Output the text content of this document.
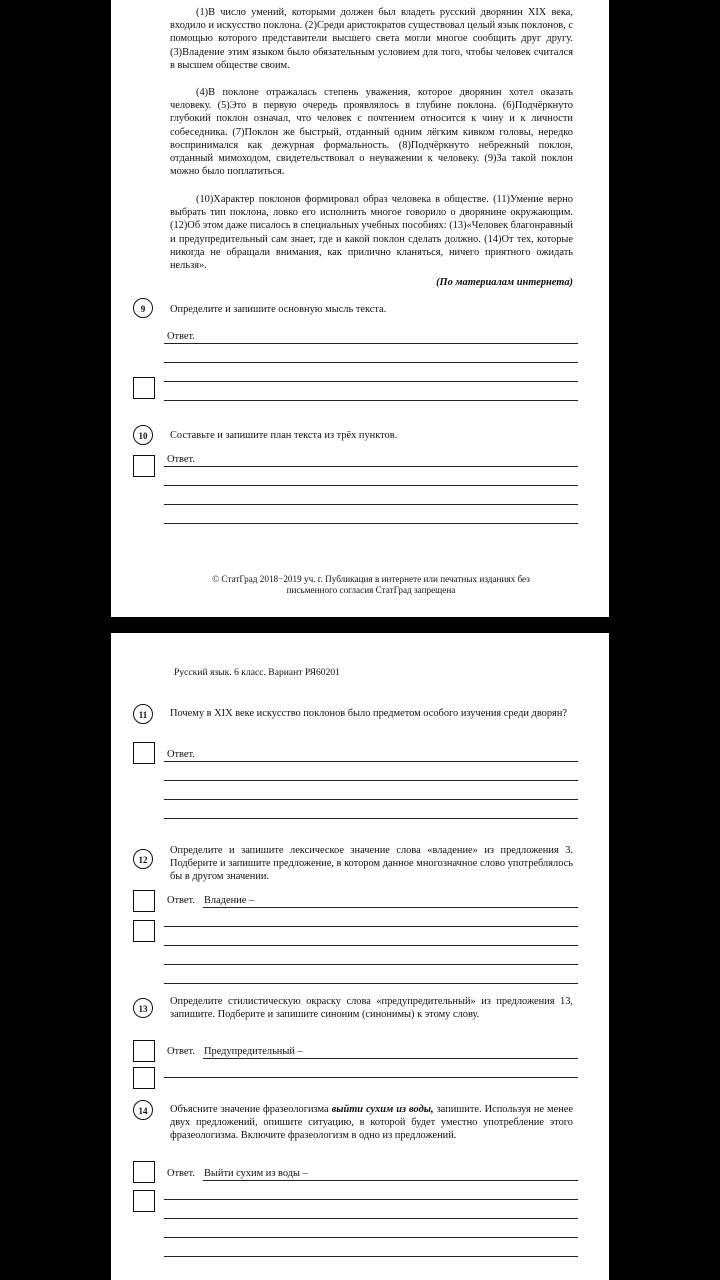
(1)В число умений, которыми должен был владеть русский дворянин XIX века, входило и искусство поклона. (2)Среди аристократов существовал целый язык поклонов, с помощью которого представители высшего света могли многое сообщить друг другу. (3)Владение этим языком было обязательным условием для того, чтобы человек считался в высшем обществе своим.

(4)В поклоне отражалась степень уважения, которое дворянин хотел оказать человеку. (5)Это в первую очередь проявлялось в глубине поклона. (6)Подчёркнуто глубокий поклон означал, что человек с почтением относится к чину и к личности собеседника. (7)Поклон же быстрый, отданный одним лёгким кивком головы, нередко воспринимался как дежурная формальность. (8)Подчёркнуто небрежный поклон, отданный мимоходом, свидетельствовал о неуважении к человеку. (9)За такой поклон можно было поплатиться.

(10)Характер поклонов формировал образ человека в обществе. (11)Умение верно выбрать тип поклона, ловко его исполнить многое говорило о дворянине окружающим. (12)Об этом даже писалось в специальных учебных пособиях: (13)«Человек благонравный и предупредительный сам знает, где и какой поклон сделать должно. (14)От тех, которые никогда не обращали внимания, как прилично кланяться, ничего приятного ожидать нельзя».

(По материалам интернета)
9	Определите и запишите основную мысль текста.

Ответ.
10	Составьте и запишите план текста из трёх пунктов.

Ответ.
© СтатГрад 2018−2019 уч. г. Публикация в интернете или печатных изданиях без
письменного согласия СтатГрад запрещена
Русский язык. 6 класс. Вариант РЯ60201
11	Почему в XIX веке искусство поклонов было предметом особого изучения среди дворян?

Ответ.
12

Определите и запишите лексическое значение слова «владение» из предложения 3. Подберите и запишите предложение, в котором данное многозначное слово употреблялось бы в другом значении.

Ответ. Владение –
13

Определите стилистическую окраску слова «предупредительный» из предложения 13, запишите. Подберите и запишите синоним (синонимы) к этому слову.

Ответ. Предупредительный –
14	Объясните значение фразеологизма выйти сухим из воды, запишите. Используя не менее двух предложений, опишите ситуацию, в которой будет уместно употребление этого фразеологизма. Включите фразеологизм в одно из предложений.

Ответ. Выйти сухим из воды –
